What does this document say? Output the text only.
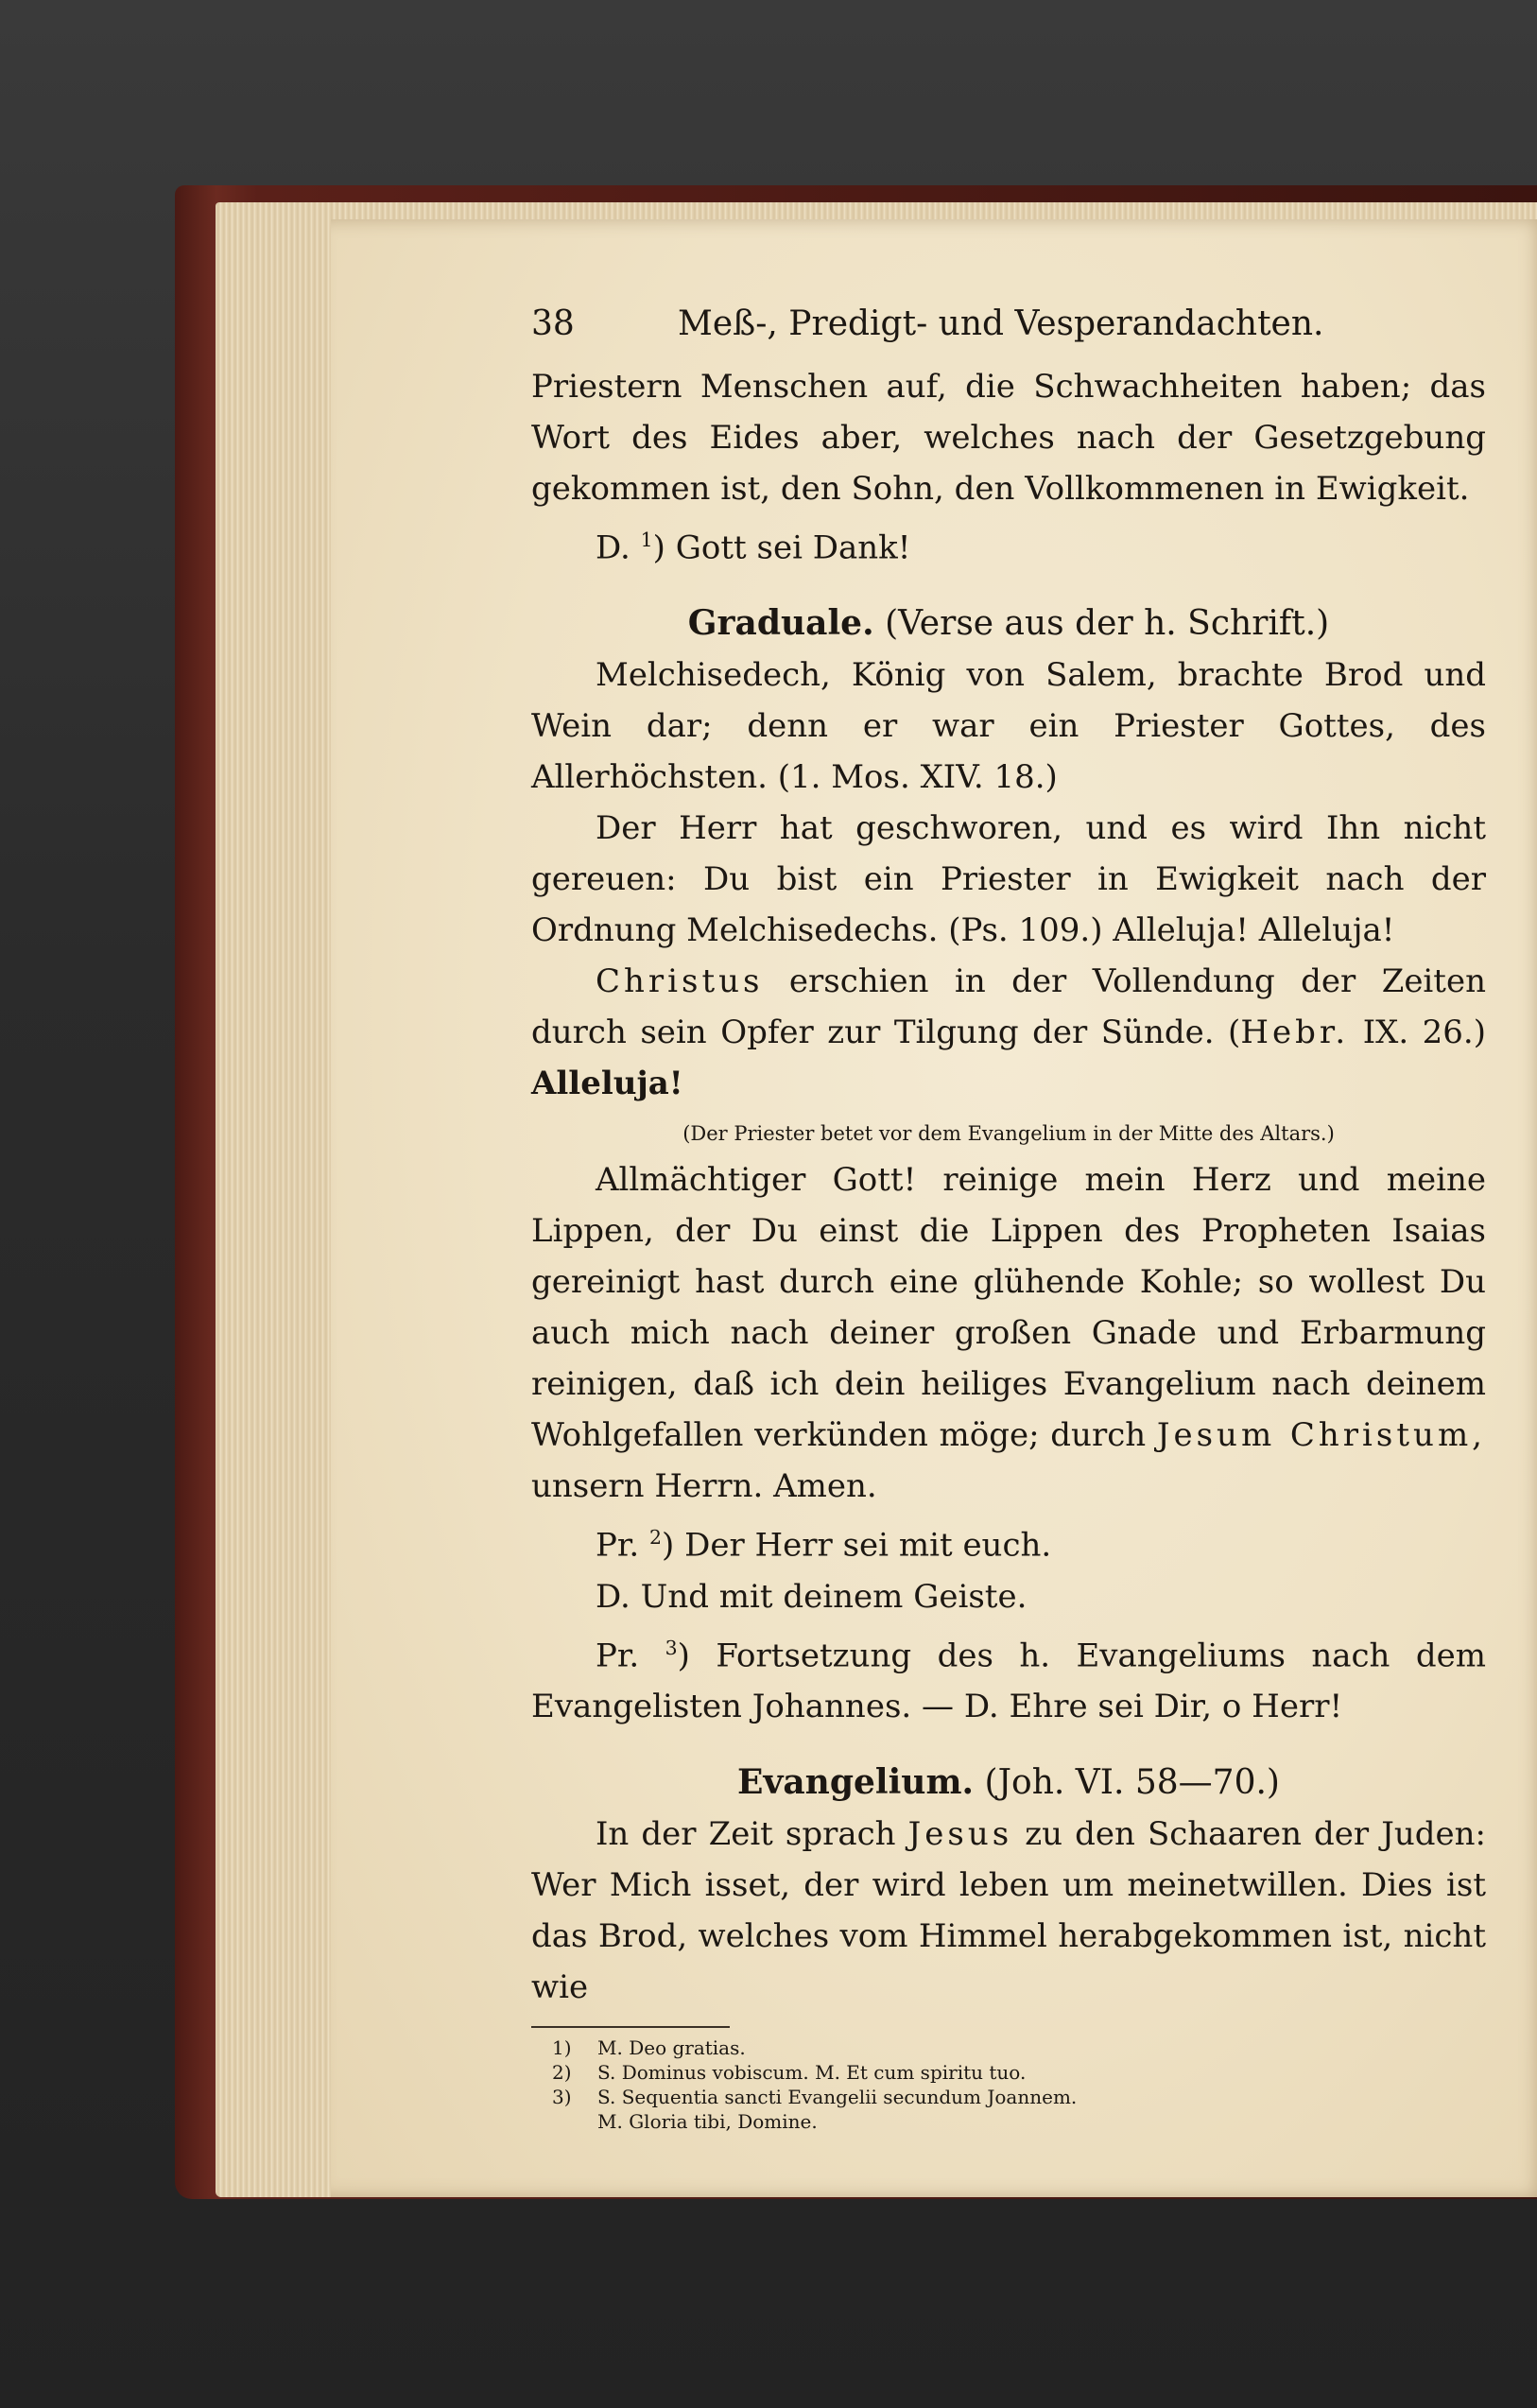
38	Meß-, Predigt- und Vesperandachten.

Priestern Menschen auf, die Schwachheiten haben; das Wort des Eides aber, welches nach der Gesetzgebung gekommen ist, den Sohn, den Vollkommenen in Ewigkeit.

D. $^1$) Gott sei Dank!

Graduale. (Verse aus der h. Schrift.)

Melchisedech, König von Salem, brachte Brod und Wein dar; denn er war ein Priester Gottes, des Allerhöchsten. (1. Mos. XIV. 18.)

Der Herr hat geschworen, und es wird Ihn nicht gereuen: Du bist ein Priester in Ewigkeit nach der Ordnung Melchisedechs. (Ps. 109.) Alleluja! Alleluja!

Christus erschien in der Vollendung der Zeiten durch sein Opfer zur Tilgung der Sünde. (Hebr. IX. 26.) Alleluja!

(Der Priester betet vor dem Evangelium in der Mitte des Altars.)

Allmächtiger Gott! reinige mein Herz und meine Lippen, der Du einst die Lippen des Propheten Isaias gereinigt hast durch eine glühende Kohle; so wollest Du auch mich nach deiner großen Gnade und Erbarmung reinigen, daß ich dein heiliges Evangelium nach deinem Wohlgefallen verkünden möge; durch Jesum Christum, unsern Herrn. Amen.

Pr. $^2$) Der Herr sei mit euch.

D. Und mit deinem Geiste.

Pr. $^3$) Fortsetzung des h. Evangeliums nach dem Evangelisten Johannes. — D. Ehre sei Dir, o Herr!

Evangelium. (Joh. VI. 58—70.)

In der Zeit sprach Jesus zu den Schaaren der Juden: Wer Mich isset, der wird leben um meinetwillen. Dies ist das Brod, welches vom Himmel herabgekommen ist, nicht wie

1)	M. Deo gratias.
2)	S. Dominus vobiscum. M. Et cum spiritu tuo.
3)	S. Sequentia sancti Evangelii secundum Joannem.
M. Gloria tibi, Domine.
